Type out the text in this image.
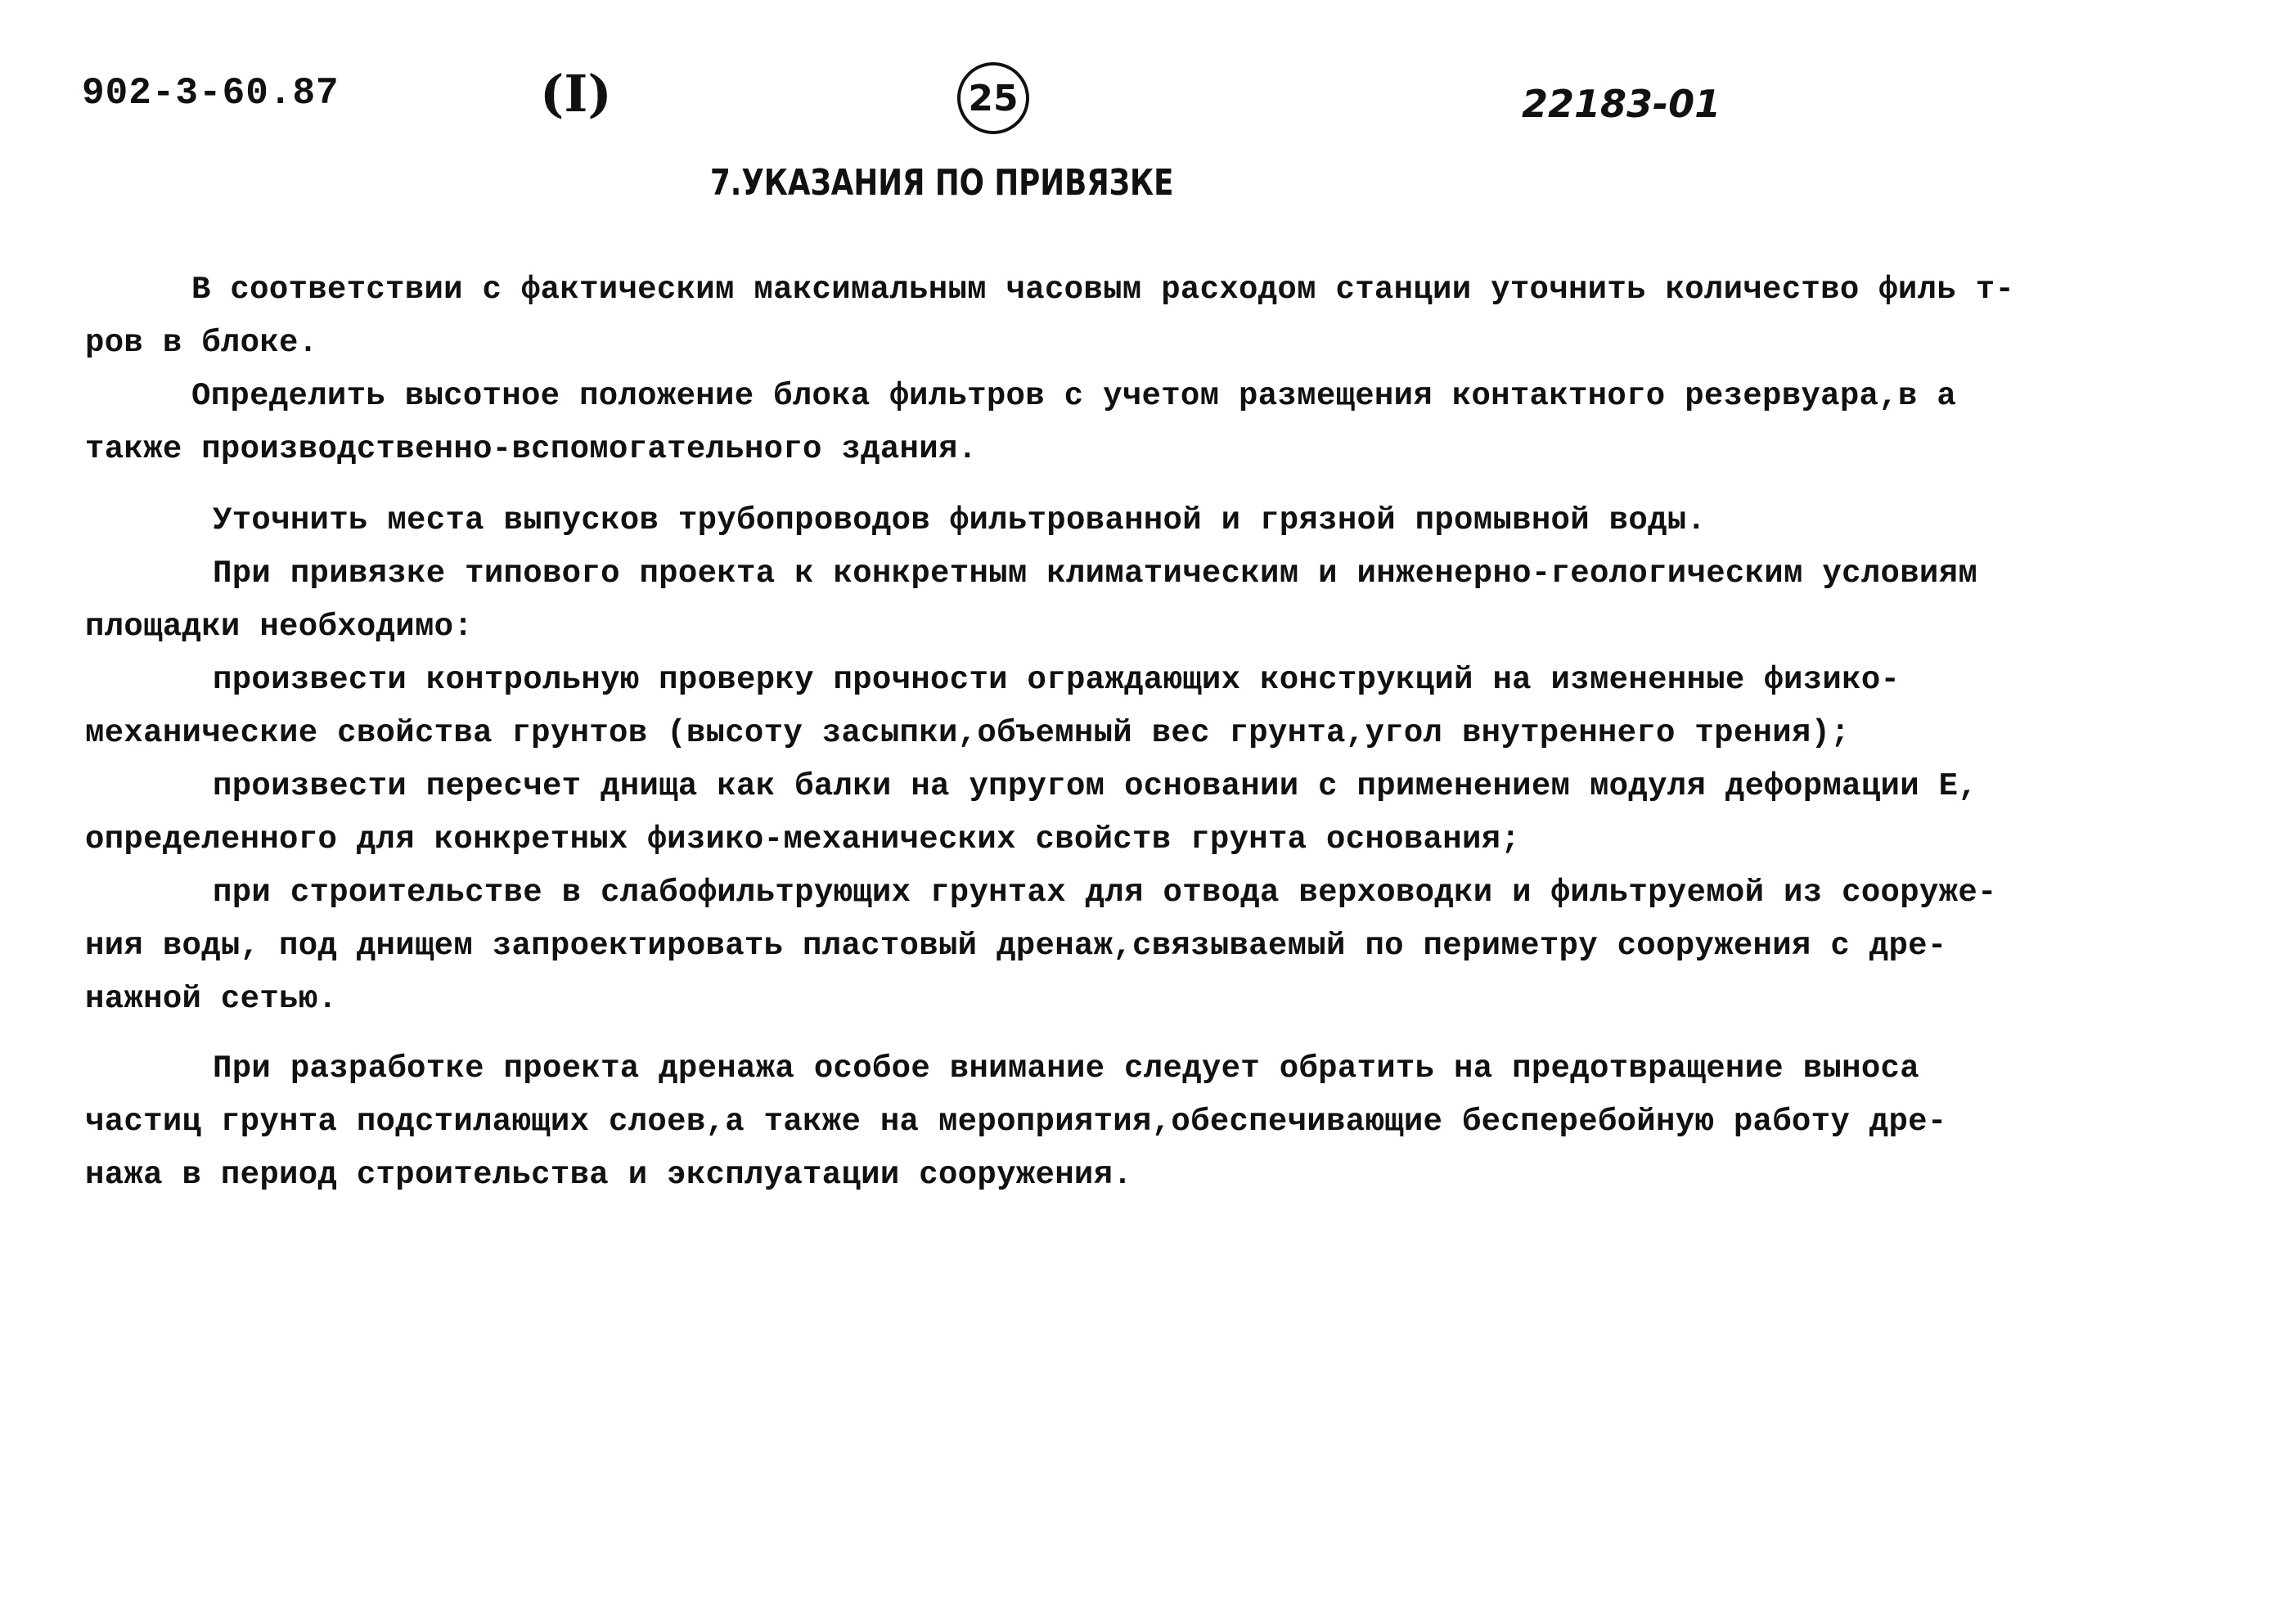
902-3-60.87	(I)	25	22183-01
7.УКАЗАНИЯ ПО ПРИВЯЗКЕ
В соответствии с фактическим максимальным часовым расходом станции уточнить количество филь т-
ров в блоке.
Определить высотное положение блока фильтров с учетом размещения контактного резервуара,в а
также производственно-вспомогательного здания.
Уточнить места выпусков трубопроводов фильтрованной и грязной промывной воды.
При привязке типового проекта к конкретным климатическим и инженерно-геологическим условиям
площадки необходимо:
произвести контрольную проверку прочности ограждающих конструкций на измененные физико-
механические свойства грунтов (высоту засыпки,объемный вес грунта,угол внутреннего трения);
произвести пересчет днища как балки на упругом основании с применением модуля деформации Е,
определенного для конкретных физико-механических свойств грунта основания;
при строительстве в слабофильтрующих грунтах для отвода верховодки и фильтруемой из сооруже-
ния воды, под днищем запроектировать пластовый дренаж,связываемый по периметру сооружения с дре-
нажной сетью.
При разработке проекта дренажа особое внимание следует обратить на предотвращение выноса
частиц грунта подстилающих слоев,а также на мероприятия,обеспечивающие бесперебойную работу дре-
нажа в период строительства и эксплуатации сооружения.
